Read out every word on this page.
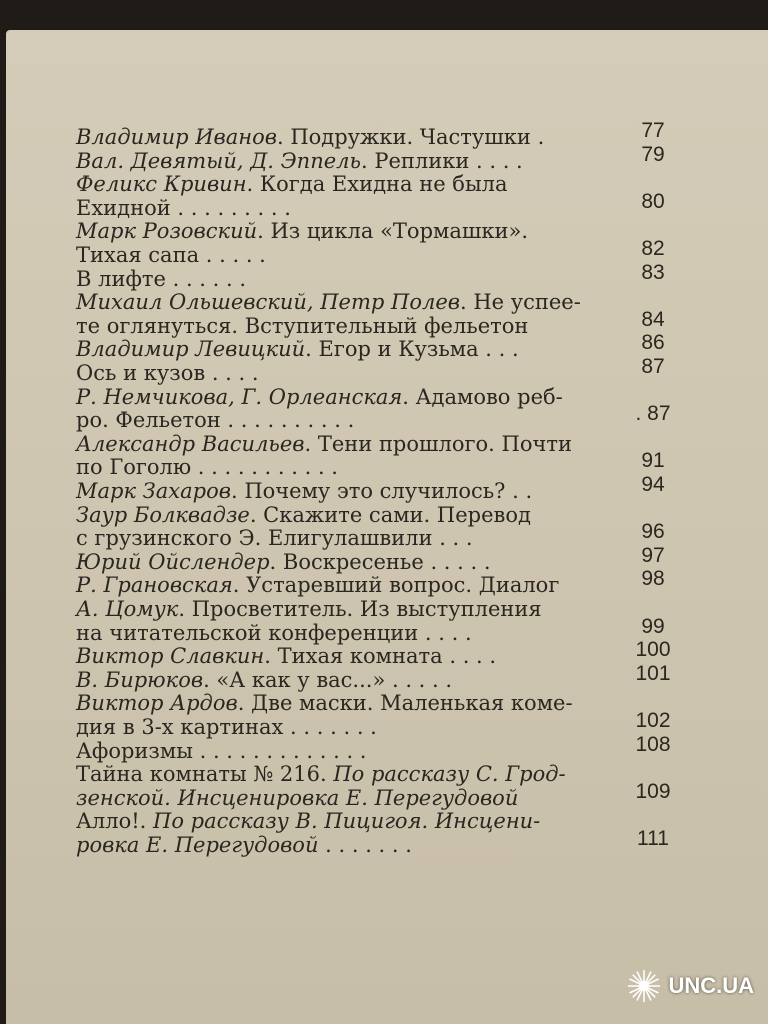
Владимир Иванов. Подружки. Частушки .	77
Вал. Девятый, Д. Эппель. Реплики . . . .	79
Феликс Кривин. Когда Ехидна не была
Ехидной . . . . . . . . .	80
Марк Розовский. Из цикла «Тормашки».
Тихая сапа . . . . .	82
В лифте . . . . . .	83
Михаил Ольшевский, Петр Полев. Не успее-
те оглянуться. Вступительный фельетон	84
Владимир Левицкий. Егор и Кузьма . . .	86
Ось и кузов . . . .	87
Р. Немчикова, Г. Орлеанская. Адамово реб-
ро. Фельетон . . . . . . . . . .	. 87
Александр Васильев. Тени прошлого. Почти
по Гоголю . . . . . . . . . . .	91
Марк Захаров. Почему это случилось? . .	94
Заур Болквадзе. Скажите сами. Перевод
с грузинского Э. Елигулашвили . . .	96
Юрий Ойслендер. Воскресенье . . . . .	97
Р. Грановская. Устаревший вопрос. Диалог	98
А. Цомук. Просветитель. Из выступления
на читательской конференции . . . .	99
Виктор Славкин. Тихая комната . . . .	100
В. Бирюков. «А как у вас...» . . . . .	101
Виктор Ардов. Две маски. Маленькая коме-
дия в 3-х картинах . . . . . . .	102
Афоризмы . . . . . . . . . . . . .	108
Тайна комнаты № 216. По рассказу С. Грод-
зенской. Инсценировка Е. Перегудовой	109
Алло!. По рассказу В. Пицигоя. Инсцени-
ровка Е. Перегудовой . . . . . . .	111
UNC.UA
